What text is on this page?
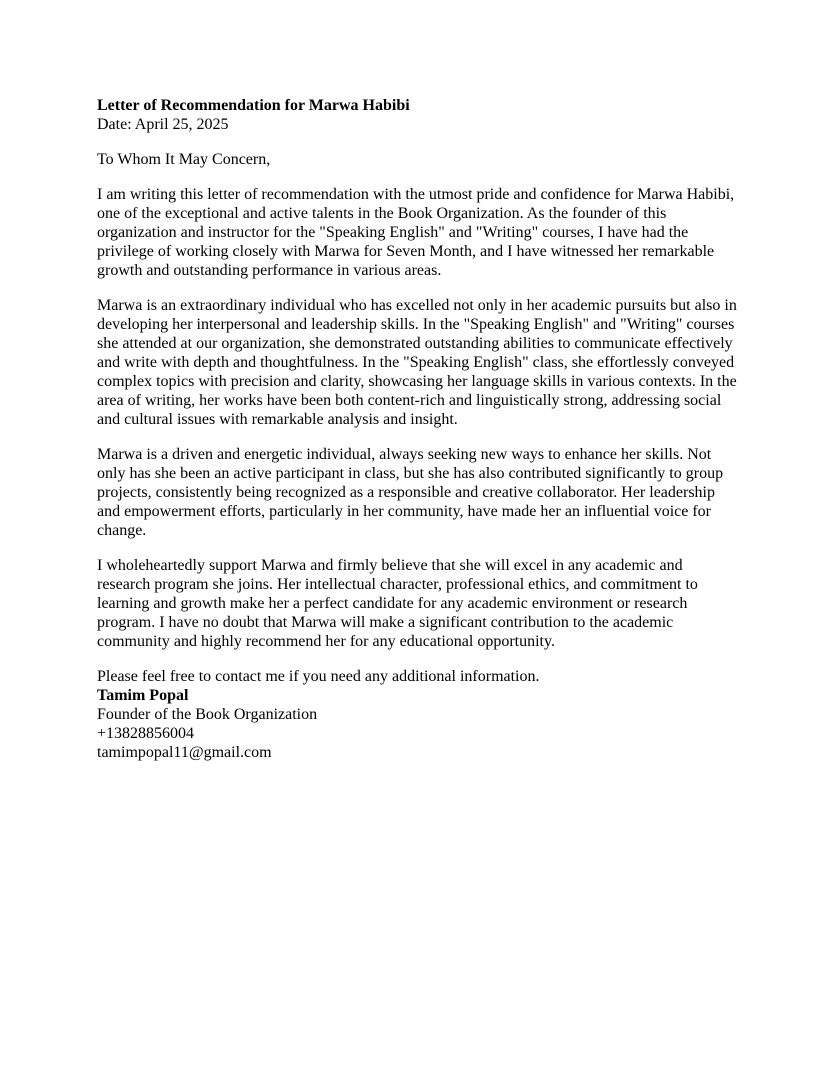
Letter of Recommendation for Marwa Habibi
Date: April 25, 2025
To Whom It May Concern,

I am writing this letter of recommendation with the utmost pride and confidence for Marwa Habibi, one of the exceptional and active talents in the Book Organization. As the founder of this organization and instructor for the "Speaking English" and "Writing" courses, I have had the privilege of working closely with Marwa for Seven Month, and I have witnessed her remarkable growth and outstanding performance in various areas.

Marwa is an extraordinary individual who has excelled not only in her academic pursuits but also in developing her interpersonal and leadership skills. In the "Speaking English" and "Writing" courses she attended at our organization, she demonstrated outstanding abilities to communicate effectively and write with depth and thoughtfulness. In the "Speaking English" class, she effortlessly conveyed complex topics with precision and clarity, showcasing her language skills in various contexts. In the area of writing, her works have been both content-rich and linguistically strong, addressing social and cultural issues with remarkable analysis and insight.

Marwa is a driven and energetic individual, always seeking new ways to enhance her skills. Not only has she been an active participant in class, but she has also contributed significantly to group projects, consistently being recognized as a responsible and creative collaborator. Her leadership and empowerment efforts, particularly in her community, have made her an influential voice for change.

I wholeheartedly support Marwa and firmly believe that she will excel in any academic and research program she joins. Her intellectual character, professional ethics, and commitment to learning and growth make her a perfect candidate for any academic environment or research program. I have no doubt that Marwa will make a significant contribution to the academic community and highly recommend her for any educational opportunity.

Please feel free to contact me if you need any additional information.
Tamim Popal
Founder of the Book Organization
+13828856004
tamimpopal11@gmail.com
